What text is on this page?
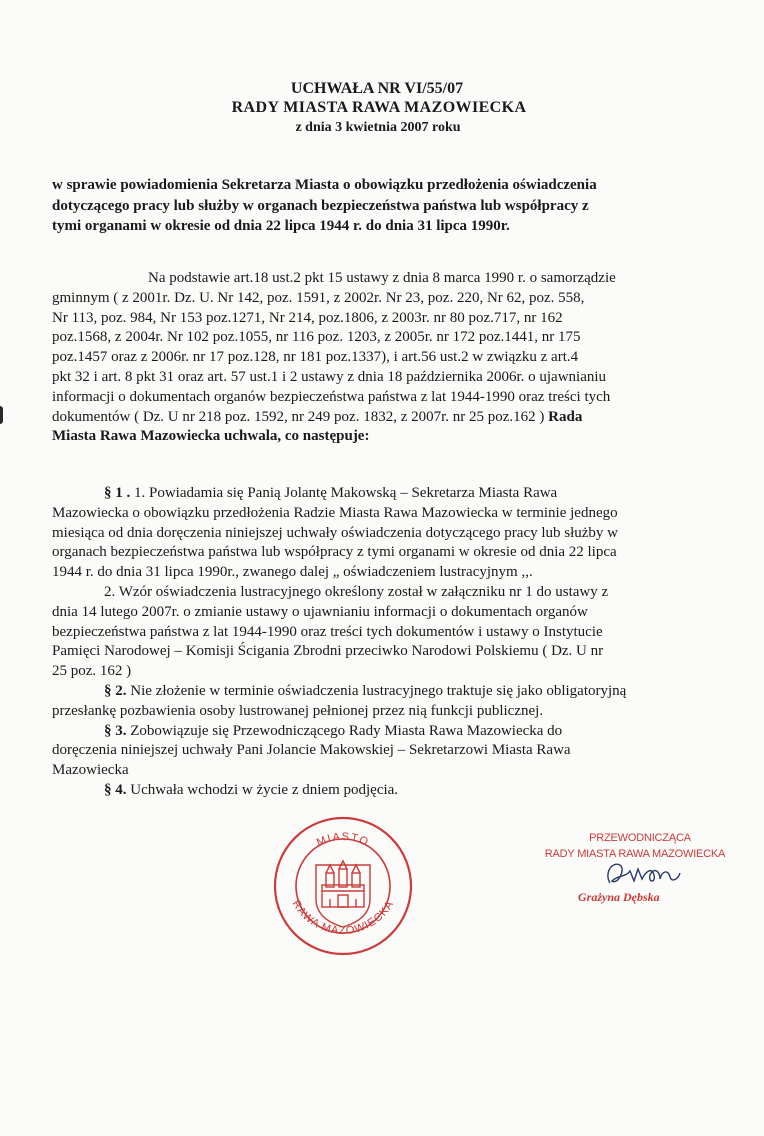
UCHWAŁA NR VI/55/07
RADY MIASTA RAWA MAZOWIECKA
z dnia 3 kwietnia 2007 roku
w sprawie powiadomienia Sekretarza Miasta o obowiązku przedłożenia oświadczenia
dotyczącego pracy lub służby w organach bezpieczeństwa państwa lub współpracy z
tymi organami w okresie od dnia 22 lipca 1944 r. do dnia 31 lipca 1990r.
Na podstawie art.18 ust.2 pkt 15 ustawy z dnia 8 marca 1990 r. o samorządzie
gminnym ( z 2001r. Dz. U. Nr 142, poz. 1591, z 2002r. Nr 23, poz. 220, Nr 62, poz. 558,
Nr 113, poz. 984, Nr 153 poz.1271, Nr 214, poz.1806, z 2003r. nr 80 poz.717, nr 162
poz.1568, z 2004r. Nr 102 poz.1055, nr 116 poz. 1203, z 2005r. nr 172 poz.1441, nr 175
poz.1457 oraz z 2006r. nr 17 poz.128, nr 181 poz.1337), i art.56 ust.2 w związku z art.4
pkt 32 i art. 8 pkt 31 oraz art. 57 ust.1 i 2 ustawy z dnia 18 października 2006r. o ujawnianiu
informacji o dokumentach organów bezpieczeństwa państwa z lat 1944-1990 oraz treści tych
dokumentów ( Dz. U nr 218 poz. 1592, nr 249 poz. 1832, z 2007r. nr 25 poz.162 ) Rada
Miasta Rawa Mazowiecka uchwala, co następuje:
§ 1 . 1. Powiadamia się Panią Jolantę Makowską – Sekretarza Miasta Rawa
Mazowiecka o obowiązku przedłożenia Radzie Miasta Rawa Mazowiecka w terminie jednego
miesiąca od dnia doręczenia niniejszej uchwały oświadczenia dotyczącego pracy lub służby w
organach bezpieczeństwa państwa lub współpracy z tymi organami w okresie od dnia 22 lipca
1944 r. do dnia 31 lipca 1990r., zwanego dalej „ oświadczeniem lustracyjnym ,,.
2. Wzór oświadczenia lustracyjnego określony został w załączniku nr 1 do ustawy z
dnia 14 lutego 2007r. o zmianie ustawy o ujawnianiu informacji o dokumentach organów
bezpieczeństwa państwa z lat 1944-1990 oraz treści tych dokumentów i ustawy o Instytucie
Pamięci Narodowej – Komisji Ścigania Zbrodni przeciwko Narodowi Polskiemu ( Dz. U nr
25 poz. 162 )
§ 2. Nie złożenie w terminie oświadczenia lustracyjnego traktuje się jako obligatoryjną
przesłankę pozbawienia osoby lustrowanej pełnionej przez nią funkcji publicznej.
§ 3. Zobowiązuje się Przewodniczącego Rady Miasta Rawa Mazowiecka do
doręczenia niniejszej uchwały Pani Jolancie Makowskiej – Sekretarzowi Miasta Rawa
Mazowiecka
§ 4. Uchwała wchodzi w życie z dniem podjęcia.
MIASTO
RAWA MAZOWIECKA
PRZEWODNICZĄCA
RADY MIASTA RAWA MAZOWIECKA
Grażyna Dębska
